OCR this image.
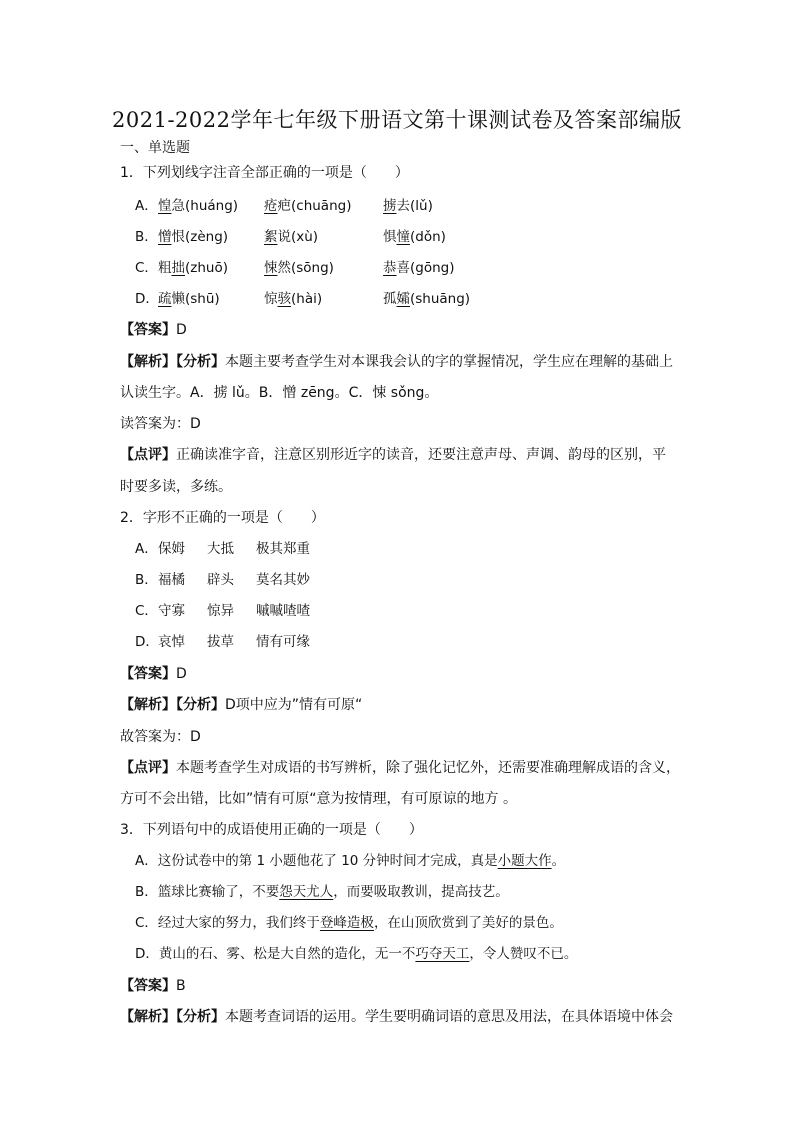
2021-2022学年七年级下册语文第十课测试卷及答案部编版
一、单选题
1．下列划线字注音全部正确的一项是（　　）
A． 惶急(huáng) 疮疤(chuāng) 掳去(lǔ)
B． 憎恨(zèng)	絮说(xù)	惧憧(dǒn)
C． 粗拙(zhuō)	悚然(sōng)	恭喜(gōng)
D． 疏懒(shū)	惊骇(hài)	孤孀(shuāng)
【答案】D
【解析】【分析】本题主要考查学生对本课我会认的字的掌握情况，学生应在理解的基础上
认读生字。A．掳 lǔ。B．憎 zēng。C．悚 sǒng。
读答案为：D
【点评】正确读准字音，注意区别形近字的读音，还要注意声母、声调、韵母的区别，平
时要多读，多练。
2．字形不正确的一项是（　　）
A． 保姆 大抵 极其郑重
B． 福橘 辟头 莫名其妙
C． 守寡 惊异 嘁嘁喳喳
D． 哀悼 拔草 情有可缘
【答案】D
【解析】【分析】D项中应为”情有可原“
故答案为：D
【点评】本题考查学生对成语的书写辨析，除了强化记忆外，还需要准确理解成语的含义，
方可不会出错，比如”情有可原“意为按情理，有可原谅的地方 。
3．下列语句中的成语使用正确的一项是（　　）
A．这份试卷中的第 1 小题他花了 10 分钟时间才完成，真是小题大作。
B．篮球比赛输了，不要怨天尤人，而要吸取教训，提高技艺。
C．经过大家的努力，我们终于登峰造极，在山顶欣赏到了美好的景色。
D．黄山的石、雾、松是大自然的造化，无一不巧夺天工，令人赞叹不已。
【答案】B
【解析】【分析】本题考查词语的运用。学生要明确词语的意思及用法，在具体语境中体会
